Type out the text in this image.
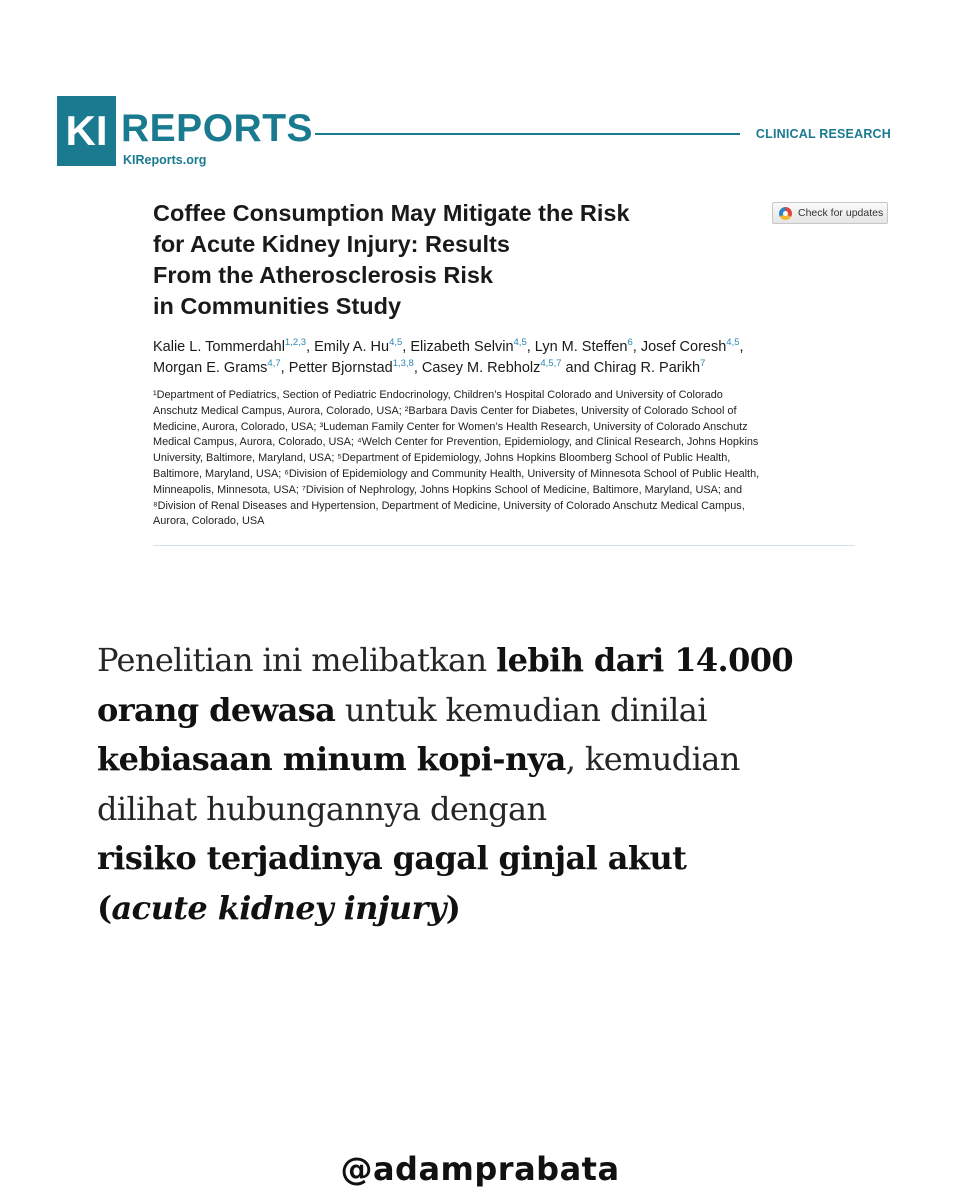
KI REPORTS
KIReports.org
CLINICAL RESEARCH
Coffee Consumption May Mitigate the Risk
for Acute Kidney Injury: Results
From the Atherosclerosis Risk
in Communities Study
Check for updates
Kalie L. Tommerdahl$^{1,2,3}$, Emily A. Hu$^{4,5}$, Elizabeth Selvin$^{4,5}$, Lyn M. Steffen$^6$, Josef Coresh$^{4,5}$,
Morgan E. Grams$^{4,7}$, Petter Bjornstad$^{1,3,8}$, Casey M. Rebholz$^{4,5,7}$ and Chirag R. Parikh$^7$
¹Department of Pediatrics, Section of Pediatric Endocrinology, Children’s Hospital Colorado and University of Colorado
Anschutz Medical Campus, Aurora, Colorado, USA; ²Barbara Davis Center for Diabetes, University of Colorado School of
Medicine, Aurora, Colorado, USA; ³Ludeman Family Center for Women’s Health Research, University of Colorado Anschutz
Medical Campus, Aurora, Colorado, USA; ⁴Welch Center for Prevention, Epidemiology, and Clinical Research, Johns Hopkins
University, Baltimore, Maryland, USA; ⁵Department of Epidemiology, Johns Hopkins Bloomberg School of Public Health,
Baltimore, Maryland, USA; ⁶Division of Epidemiology and Community Health, University of Minnesota School of Public Health,
Minneapolis, Minnesota, USA; ⁷Division of Nephrology, Johns Hopkins School of Medicine, Baltimore, Maryland, USA; and
⁸Division of Renal Diseases and Hypertension, Department of Medicine, University of Colorado Anschutz Medical Campus,
Aurora, Colorado, USA
Penelitian ini melibatkan lebih dari 14.000
orang dewasa untuk kemudian dinilai
kebiasaan minum kopi-nya, kemudian
dilihat hubungannya dengan
risiko terjadinya gagal ginjal akut
(acute kidney injury)
@adamprabata
